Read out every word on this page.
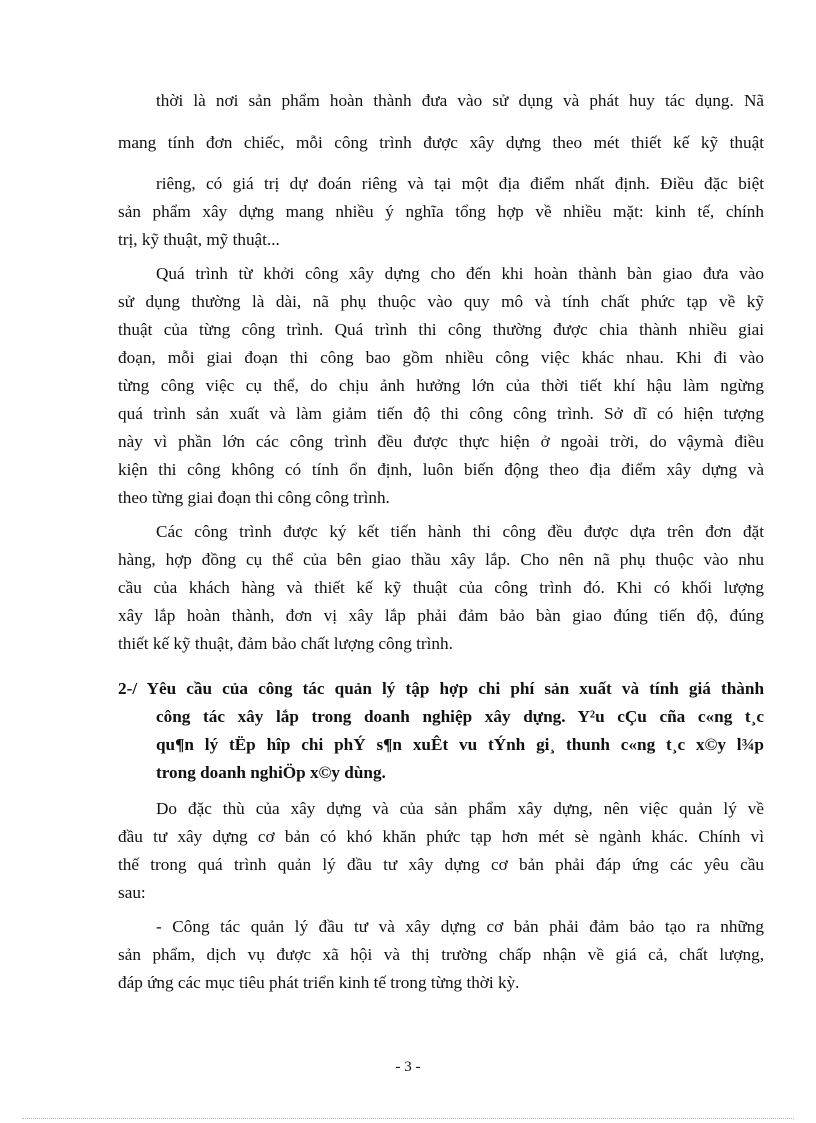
thời là nơi sản phẩm hoàn thành đưa vào sử dụng và phát huy tác dụng. Nã
mang tính đơn chiếc, mỗi công trình được xây dựng theo mét thiết kế kỹ thuật
riêng, có giá trị dự đoán riêng và tại một địa điểm nhất định. Điều đặc biệt
sản phẩm xây dựng mang nhiều ý nghĩa tổng hợp về nhiều mặt: kinh tế, chính
trị, kỹ thuật, mỹ thuật...
Quá trình từ khởi công xây dựng cho đến khi hoàn thành bàn giao đưa vào
sử dụng thường là dài, nã phụ thuộc vào quy mô và tính chất phức tạp về kỹ
thuật của từng công trình. Quá trình thi công thường được chia thành nhiều giai
đoạn, mỗi giai đoạn thi công bao gồm nhiều công việc khác nhau. Khi đi vào
từng công việc cụ thể, do chịu ảnh hưởng lớn của thời tiết khí hậu làm ngừng
quá trình sản xuất và làm giảm tiến độ thi công công trình. Sở dĩ có hiện tượng
này vì phần lớn các công trình đều được thực hiện ở ngoài trời, do vậymà điều
kiện thi công không có tính ổn định, luôn biến động theo địa điểm xây dựng và
theo từng giai đoạn thi công công trình.
Các công trình được ký kết tiến hành thi công đều được dựa trên đơn đặt
hàng, hợp đồng cụ thể của bên giao thầu xây lắp. Cho nên nã phụ thuộc vào nhu
cầu của khách hàng và thiết kế kỹ thuật của công trình đó. Khi có khối lượng
xây lắp hoàn thành, đơn vị xây lắp phải đảm bảo bàn giao đúng tiến độ, đúng
thiết kế kỹ thuật, đảm bảo chất lượng công trình.
2-/ Yêu cầu của công tác quản lý tập hợp chi phí sản xuất và tính giá thành
công tác xây lắp trong doanh nghiệp xây dựng. Y²u cÇu cña c«ng t¸c
qu¶n lý tËp hîp chi phÝ s¶n xuÊt vu tÝnh gi¸ thunh c«ng t¸c x©y l¾p
trong doanh nghiÖp x©y dùng.
Do đặc thù của xây dựng và của sản phẩm xây dựng, nên việc quản lý về
đầu tư xây dựng cơ bản có khó khăn phức tạp hơn mét sè ngành khác. Chính vì
thế trong quá trình quản lý đầu tư xây dựng cơ bản phải đáp ứng các yêu cầu
sau:
- Công tác quản lý đầu tư và xây dựng cơ bản phải đảm bảo tạo ra những
sản phẩm, dịch vụ được xã hội và thị trường chấp nhận về giá cả, chất lượng,
đáp ứng các mục tiêu phát triển kinh tế trong từng thời kỳ.
- 3 -
